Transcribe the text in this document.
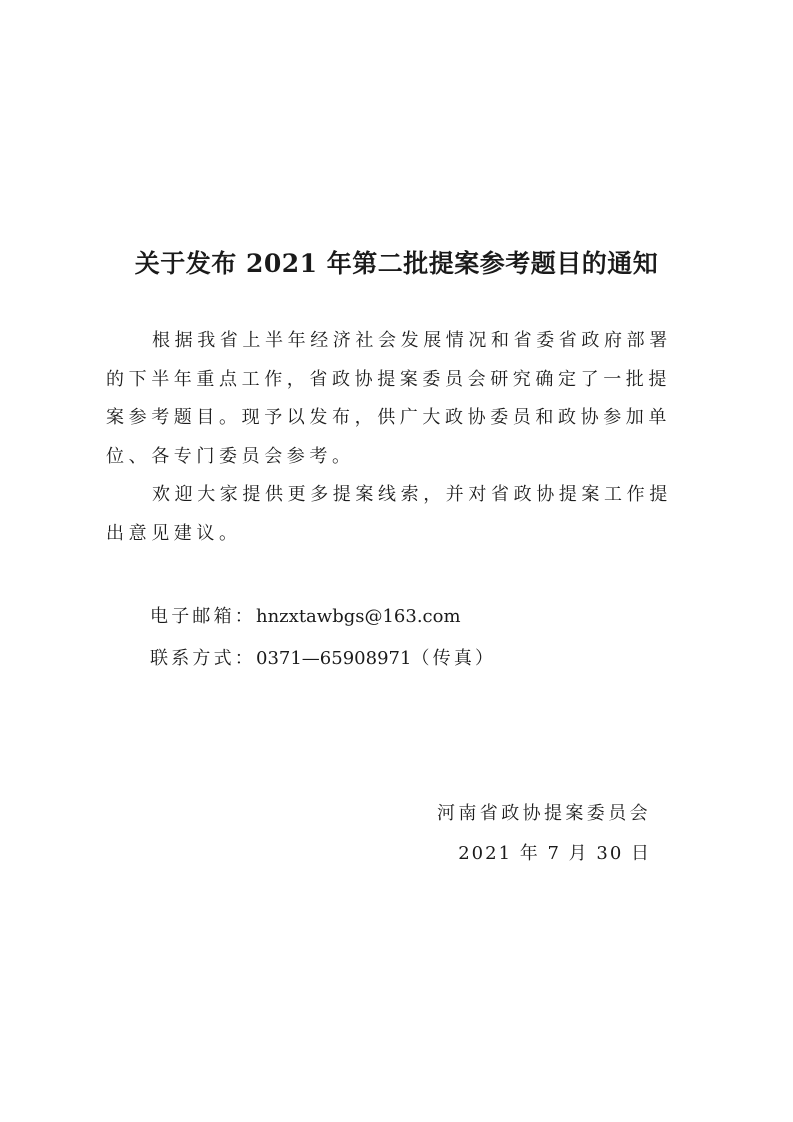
关于发布 2021 年第二批提案参考题目的通知
根据我省上半年经济社会发展情况和省委省政府部署的下半年重点工作，省政协提案委员会研究确定了一批提案参考题目。现予以发布，供广大政协委员和政协参加单位、各专门委员会参考。
欢迎大家提供更多提案线索，并对省政协提案工作提出意见建议。
电子邮箱：hnzxtawbgs@163.com
联系方式：0371—65908971（传真）
河南省政协提案委员会
2021 年 7 月 30 日
